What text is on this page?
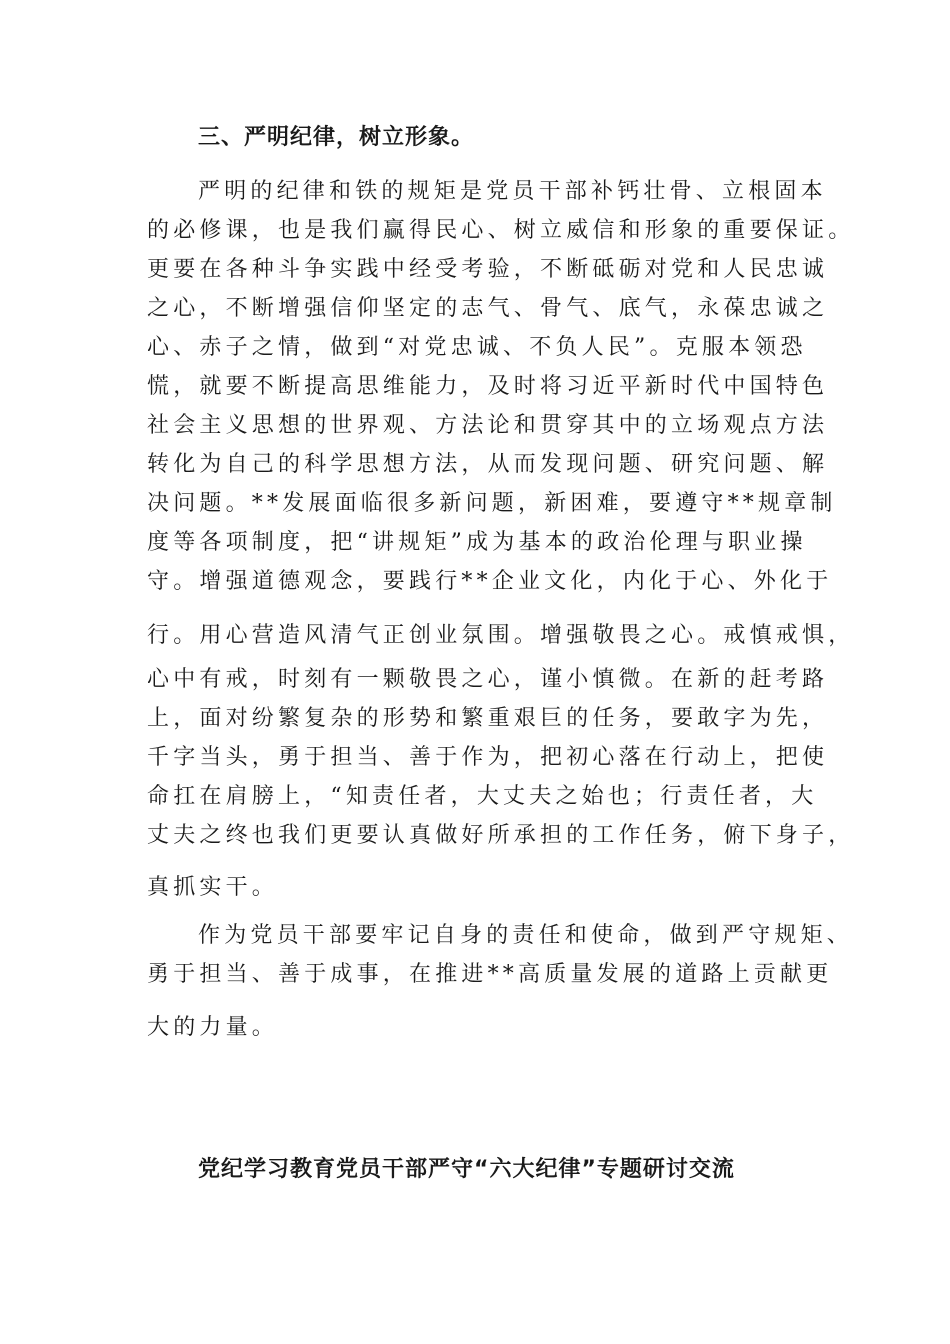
三、严明纪律，树立形象。
严明的纪律和铁的规矩是党员干部补钙壮骨、立根固本
的必修课，也是我们赢得民心、树立威信和形象的重要保证。
更要在各种斗争实践中经受考验，不断砥砺对党和人民忠诚
之心，不断增强信仰坚定的志气、骨气、底气，永葆忠诚之
心、赤子之情，做到“对党忠诚、不负人民”。克服本领恐
慌，就要不断提高思维能力，及时将习近平新时代中国特色
社会主义思想的世界观、方法论和贯穿其中的立场观点方法
转化为自己的科学思想方法，从而发现问题、研究问题、解
决问题。**发展面临很多新问题，新困难，要遵守**规章制
度等各项制度，把“讲规矩”成为基本的政治伦理与职业操
守。增强道德观念，要践行**企业文化，内化于心、外化于
行。用心营造风清气正创业氛围。增强敬畏之心。戒慎戒惧，
心中有戒，时刻有一颗敬畏之心，谨小慎微。在新的赶考路
上，面对纷繁复杂的形势和繁重艰巨的任务，要敢字为先，
千字当头，勇于担当、善于作为，把初心落在行动上，把使
命扛在肩膀上，“知责任者，大丈夫之始也；行责任者，大
丈夫之终也我们更要认真做好所承担的工作任务，俯下身子，
真抓实干。
作为党员干部要牢记自身的责任和使命，做到严守规矩、
勇于担当、善于成事，在推进**高质量发展的道路上贡献更
大的力量。
党纪学习教育党员干部严守“六大纪律”专题研讨交流
